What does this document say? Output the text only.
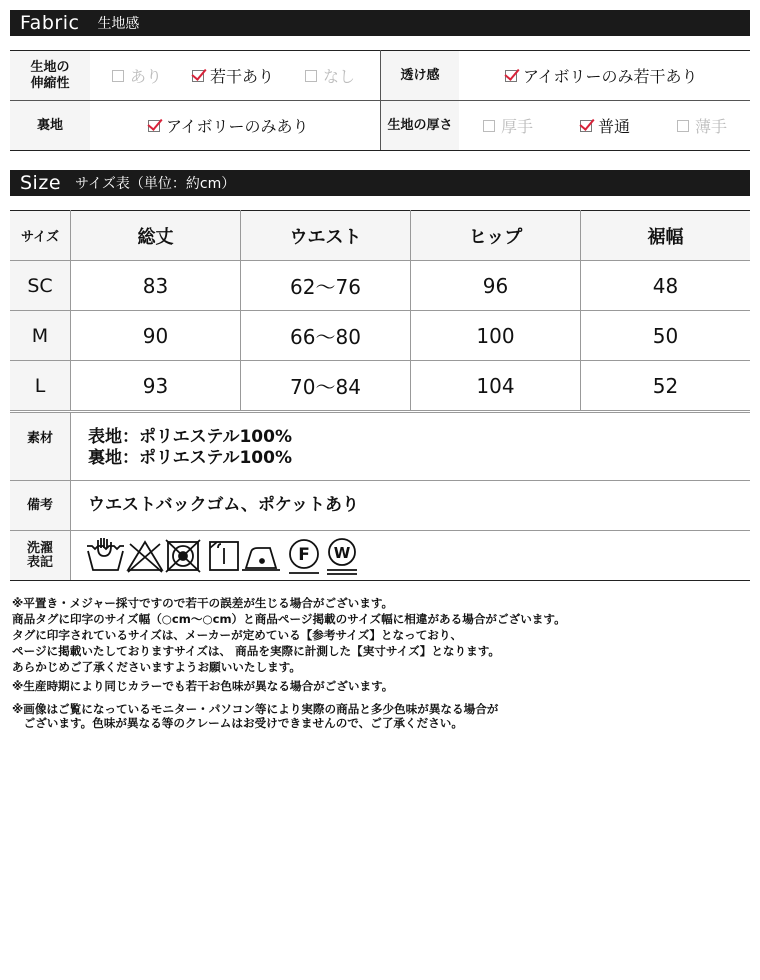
Fabric 生地感
生地の
伸縮性	あり	若干あり	なし	透け感	アイボリーのみ若干あり
裏地	アイボリーのみあり	生地の厚さ	厚手	普通	薄手
Size サイズ表（単位：約cm）
サイズ	総丈	ウエスト	ヒップ	裾幅
SC	83	62〜76	96	48
M	90	66〜80	100	50
L	93	70〜84	104	52
素材	表地：ポリエステル100%
裏地：ポリエステル100%
備考	ウエストバックゴム、ポケットあり
洗濯
表記	F W
※平置き・メジャー採寸ですので若干の誤差が生じる場合がございます。
商品タグに印字のサイズ幅（○cm〜○cm）と商品ページ掲載のサイズ幅に相違がある場合がございます。
タグに印字されているサイズは、メーカーが定めている【参考サイズ】となっており、
ページに掲載いたしておりますサイズは、 商品を実際に計測した【実寸サイズ】となります。
あらかじめご了承くださいますようお願いいたします。
※生産時期により同じカラーでも若干お色味が異なる場合がございます。
※画像はご覧になっているモニター・パソコン等により実際の商品と多少色味が異なる場合が
　ございます。色味が異なる等のクレームはお受けできませんので、ご了承ください。
